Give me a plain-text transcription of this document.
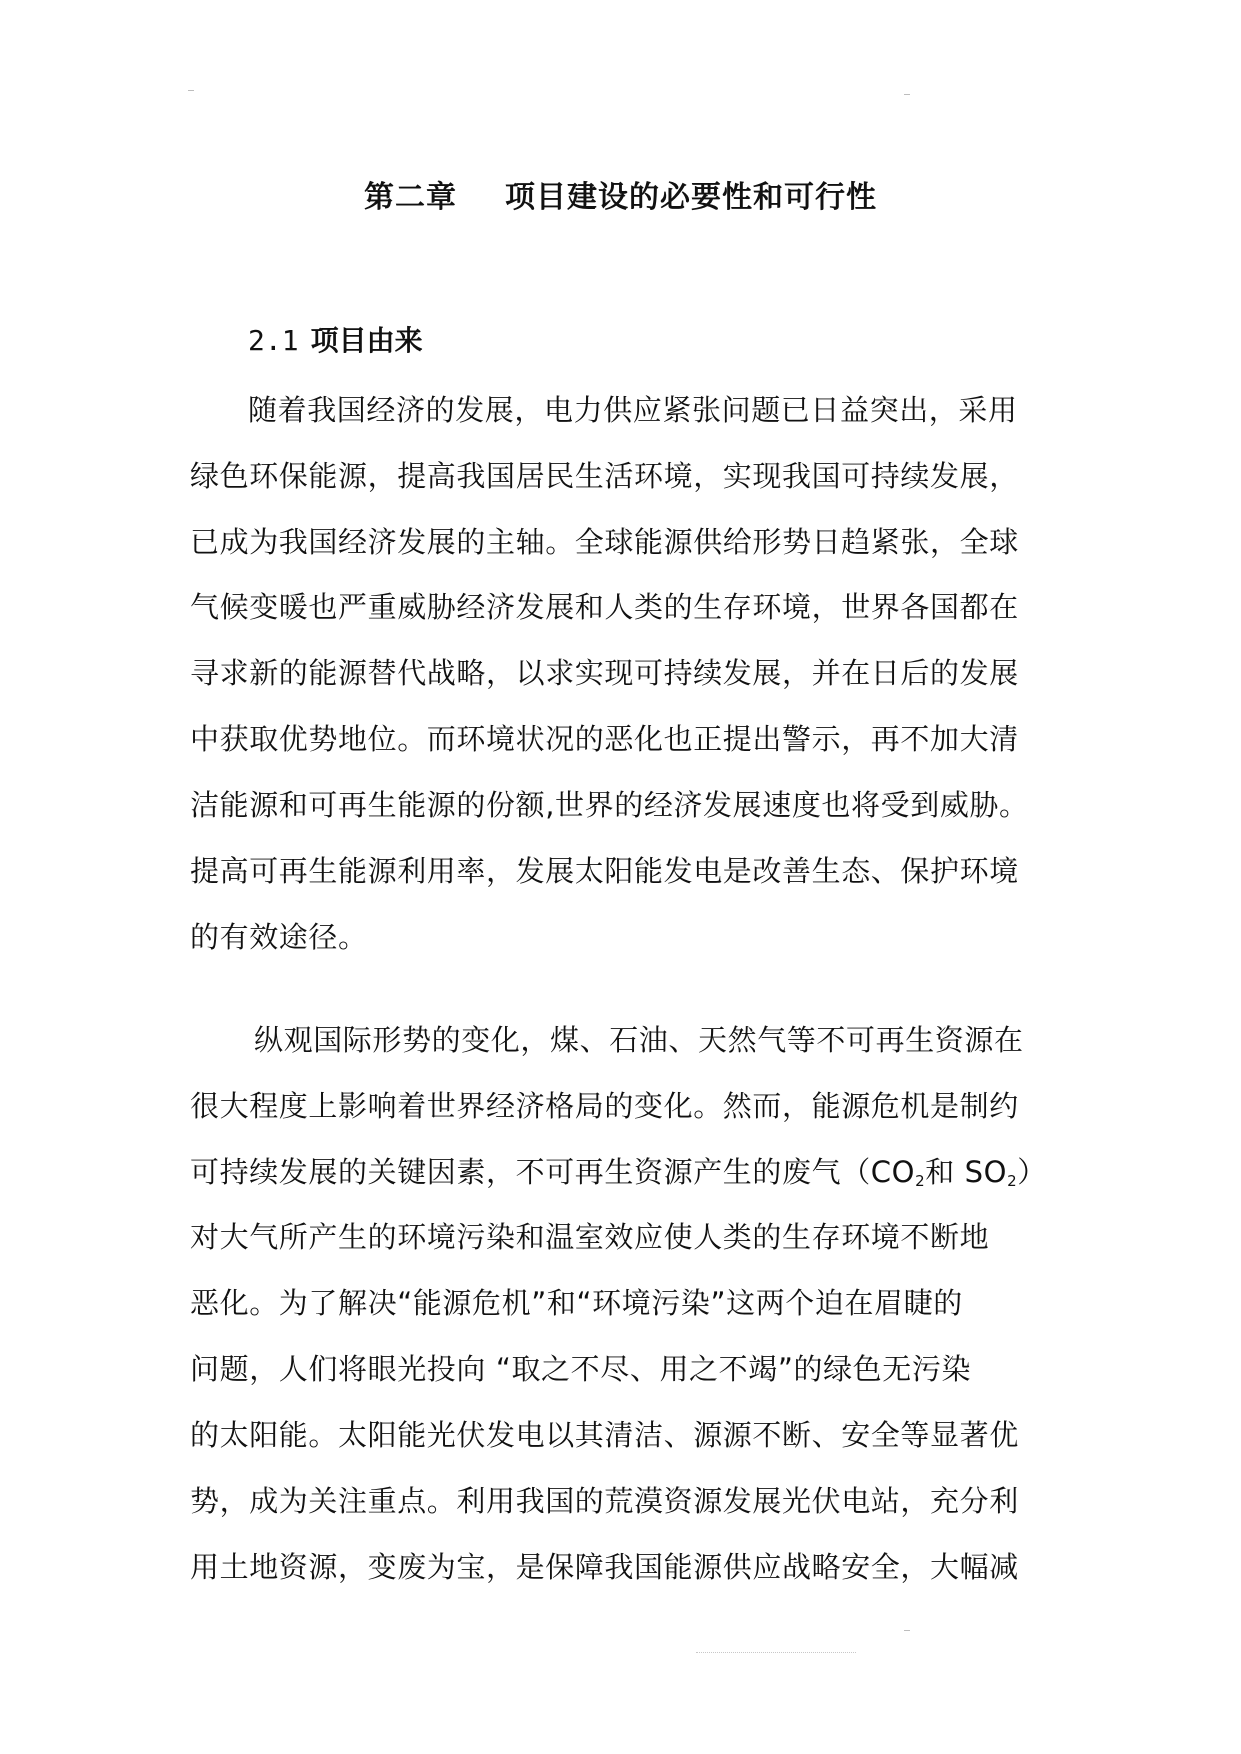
第二章 项目建设的必要性和可行性
2.1 项目由来
随着我国经济的发展，电力供应紧张问题已日益突出，采用
绿色环保能源，提高我国居民生活环境，实现我国可持续发展，
已成为我国经济发展的主轴。全球能源供给形势日趋紧张，全球
气候变暖也严重威胁经济发展和人类的生存环境，世界各国都在
寻求新的能源替代战略，以求实现可持续发展，并在日后的发展
中获取优势地位。而环境状况的恶化也正提出警示，再不加大清
洁能源和可再生能源的份额,世界的经济发展速度也将受到威胁。
提高可再生能源利用率，发展太阳能发电是改善生态、保护环境
的有效途径。
纵观国际形势的变化，煤、石油、天然气等不可再生资源在
很大程度上影响着世界经济格局的变化。然而，能源危机是制约
可持续发展的关键因素，不可再生资源产生的废气（$CO_2$和 $SO_2$）
对大气所产生的环境污染和温室效应使人类的生存环境不断地
恶化。为了解决“能源危机”和“环境污染”这两个迫在眉睫的
问题，人们将眼光投向 “取之不尽、用之不竭”的绿色无污染
的太阳能。太阳能光伏发电以其清洁、源源不断、安全等显著优
势，成为关注重点。利用我国的荒漠资源发展光伏电站，充分利
用土地资源，变废为宝，是保障我国能源供应战略安全，大幅减
